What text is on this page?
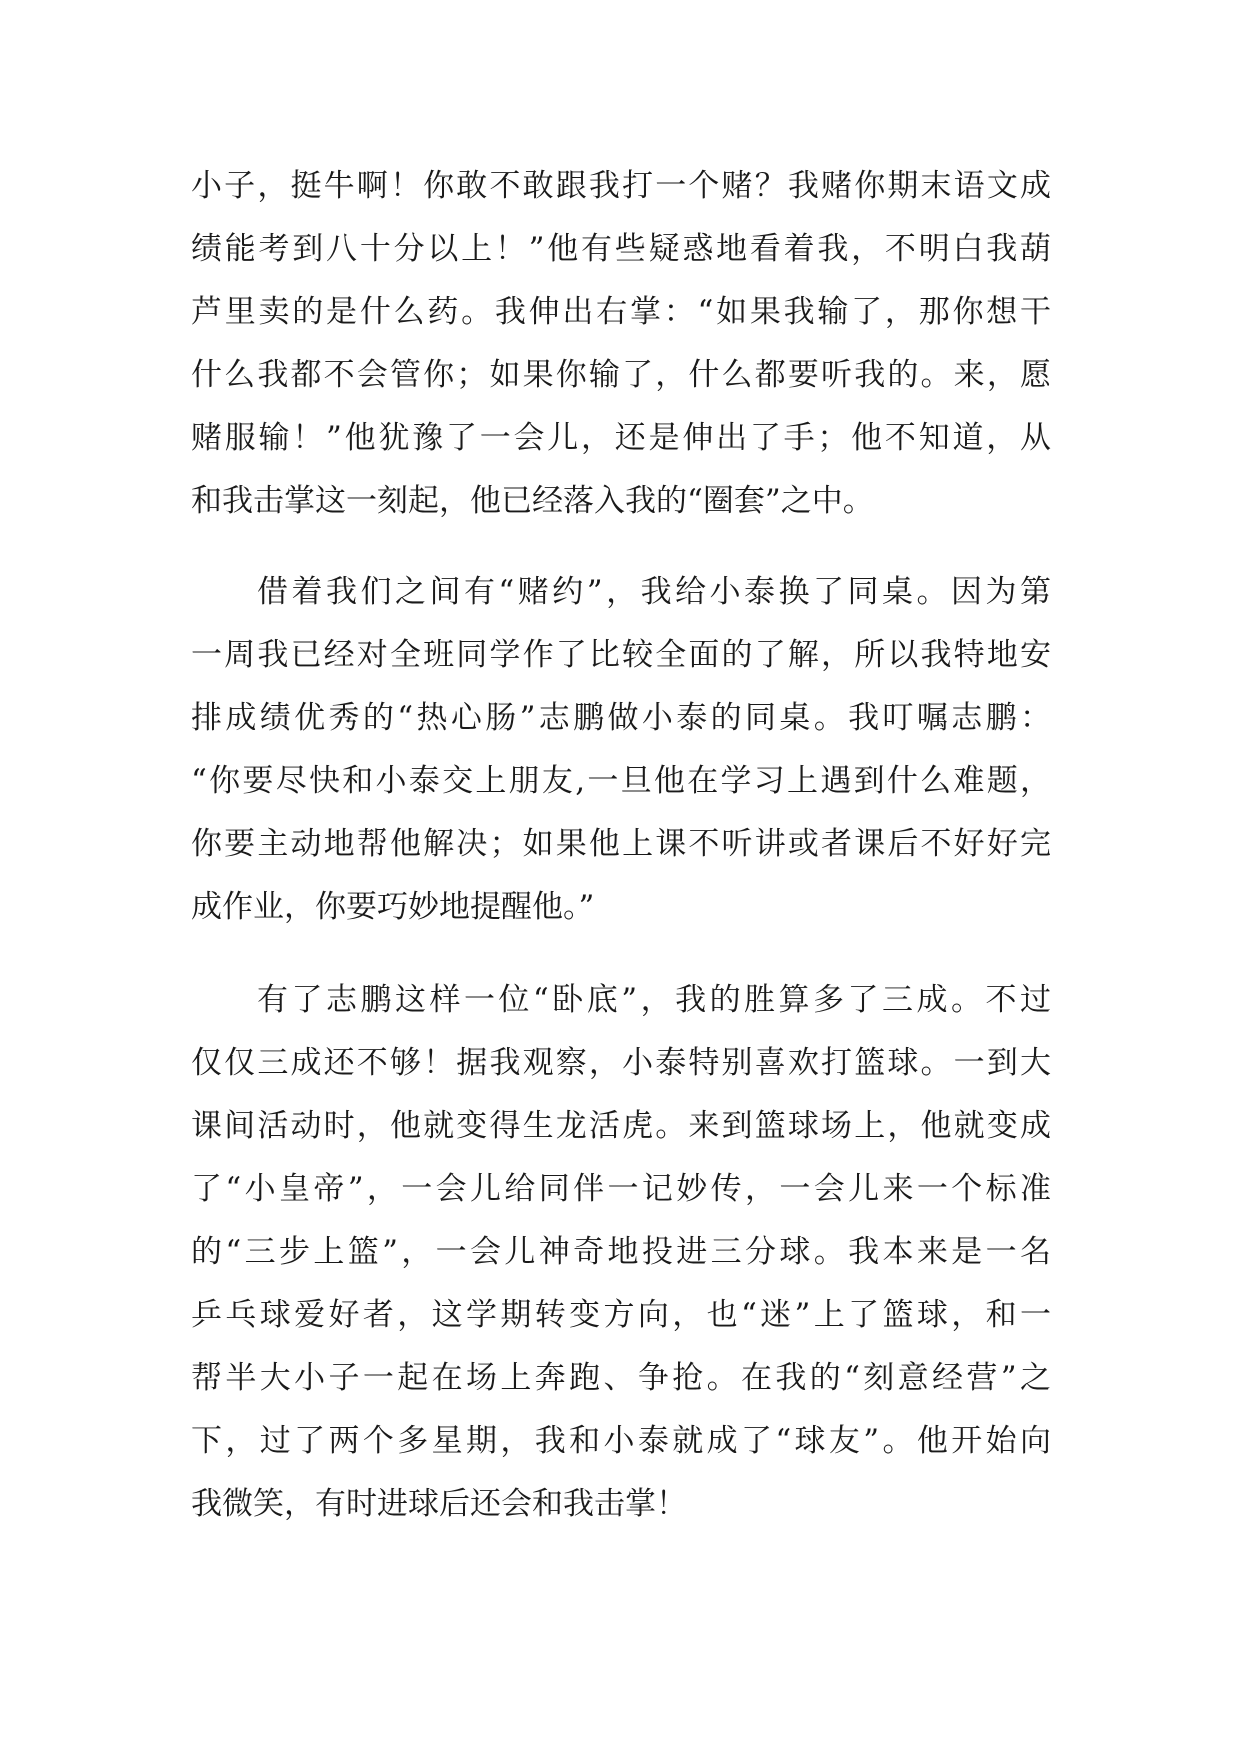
小子，挺牛啊！你敢不敢跟我打一个赌？我赌你期末语文成
绩能考到八十分以上！”他有些疑惑地看着我，不明白我葫
芦里卖的是什么药。我伸出右掌：“如果我输了，那你想干
什么我都不会管你；如果你输了，什么都要听我的。来，愿
赌服输！”他犹豫了一会儿，还是伸出了手；他不知道，从
和我击掌这一刻起，他已经落入我的“圈套”之中。
借着我们之间有“赌约”，我给小泰换了同桌。因为第
一周我已经对全班同学作了比较全面的了解，所以我特地安
排成绩优秀的“热心肠”志鹏做小泰的同桌。我叮嘱志鹏：
“你要尽快和小泰交上朋友,一旦他在学习上遇到什么难题，
你要主动地帮他解决；如果他上课不听讲或者课后不好好完
成作业，你要巧妙地提醒他。”
有了志鹏这样一位“卧底”，我的胜算多了三成。不过
仅仅三成还不够！据我观察，小泰特别喜欢打篮球。一到大
课间活动时，他就变得生龙活虎。来到篮球场上，他就变成
了“小皇帝”，一会儿给同伴一记妙传，一会儿来一个标准
的“三步上篮”，一会儿神奇地投进三分球。我本来是一名
乒乓球爱好者，这学期转变方向，也“迷”上了篮球，和一
帮半大小子一起在场上奔跑、争抢。在我的“刻意经营”之
下，过了两个多星期，我和小泰就成了“球友”。他开始向
我微笑，有时进球后还会和我击掌！
